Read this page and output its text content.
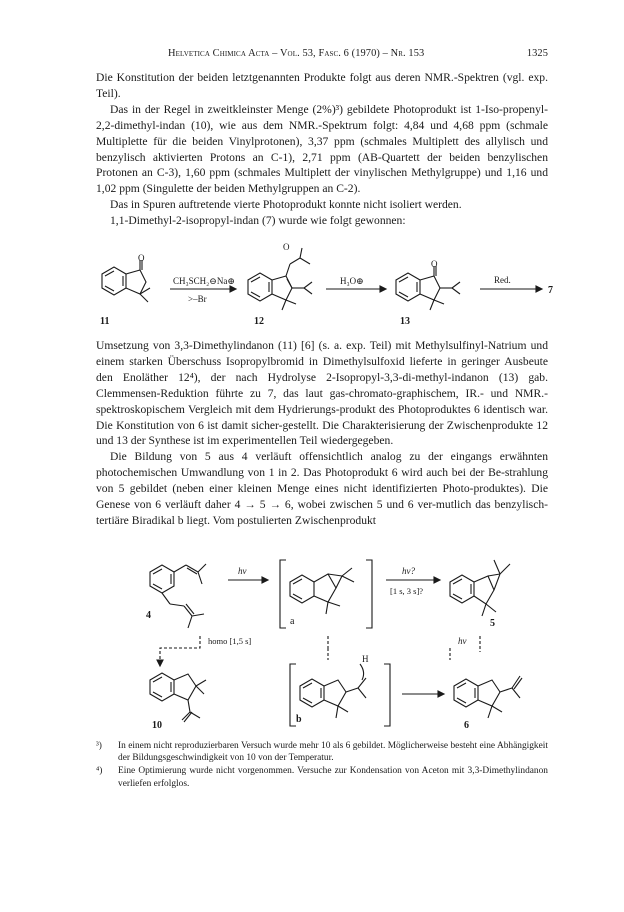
Helvetica Chimica Acta – Vol. 53, Fasc. 6 (1970) – Nr. 153	1325

Die Konstitution der beiden letztgenannten Produkte folgt aus deren NMR.-Spektren (vgl. exp. Teil).

Das in der Regel in zweitkleinster Menge (2%)³) gebildete Photoprodukt ist 1-Iso-propenyl-2,2-dimethyl-indan (10), wie aus dem NMR.-Spektrum folgt: 4,84 und 4,68 ppm (schmale Multiplette für die beiden Vinylprotonen), 3,37 ppm (schmales Multiplett des allylisch und benzylisch aktivierten Protons an C-1), 2,71 ppm (AB-Quartett der beiden benzylischen Protonen an C-3), 1,60 ppm (schmales Multiplett der vinylischen Methylgruppe) und 1,16 und 1,02 ppm (Singulette der beiden Methylgruppen an C-2).

Das in Spuren auftretende vierte Photoprodukt konnte nicht isoliert werden.

1,1-Dimethyl-2-isopropyl-indan (7) wurde wie folgt gewonnen:

O
O
O
CH₃SCH₂⊖Na⊕
>–Br
H₃O⊕	Red.
7
11	12	13

Umsetzung von 3,3-Dimethylindanon (11) [6] (s. a. exp. Teil) mit Methylsulfinyl-Natrium und einem starken Überschuss Isopropylbromid in Dimethylsulfoxid lieferte in geringer Ausbeute den Enoläther 12⁴), der nach Hydrolyse 2-Isopropyl-3,3-di-methyl-indanon (13) gab. Clemmensen-Reduktion führte zu 7, das laut gas-chromato-graphischem, IR.- und NMR.-spektroskopischem Vergleich mit dem Hydrierungs-produkt des Photoproduktes 6 identisch war. Die Konstitution von 6 ist damit sicher-gestellt. Die Charakterisierung der Zwischenprodukte 12 und 13 der Synthese ist im experimentellen Teil wiedergegeben.

Die Bildung von 5 aus 4 verläuft offensichtlich analog zu der eingangs erwähnten photochemischen Umwandlung von 1 in 2. Das Photoprodukt 6 wird auch bei der Be-strahlung von 5 gebildet (neben einer kleinen Menge eines nicht identifizierten Photo-produktes). Die Genese von 6 verläuft daher 4 → 5 → 6, wobei zwischen 5 und 6 ver-mutlich das benzylisch-tertiäre Biradikal b liegt. Vom postulierten Zwischenprodukt

hν	hν?
[1 s, 3 s]?
homo [1,5 s]	hν
H
4
a	5
10
b
6
³) In einem nicht reproduzierbaren Versuch wurde mehr 10 als 6 gebildet. Möglicherweise besteht eine Abhängigkeit der Bildungsgeschwindigkeit von 10 von der Temperatur.
⁴) Eine Optimierung wurde nicht vorgenommen. Versuche zur Kondensation von Aceton mit 3,3-Dimethylindanon verliefen erfolglos.
